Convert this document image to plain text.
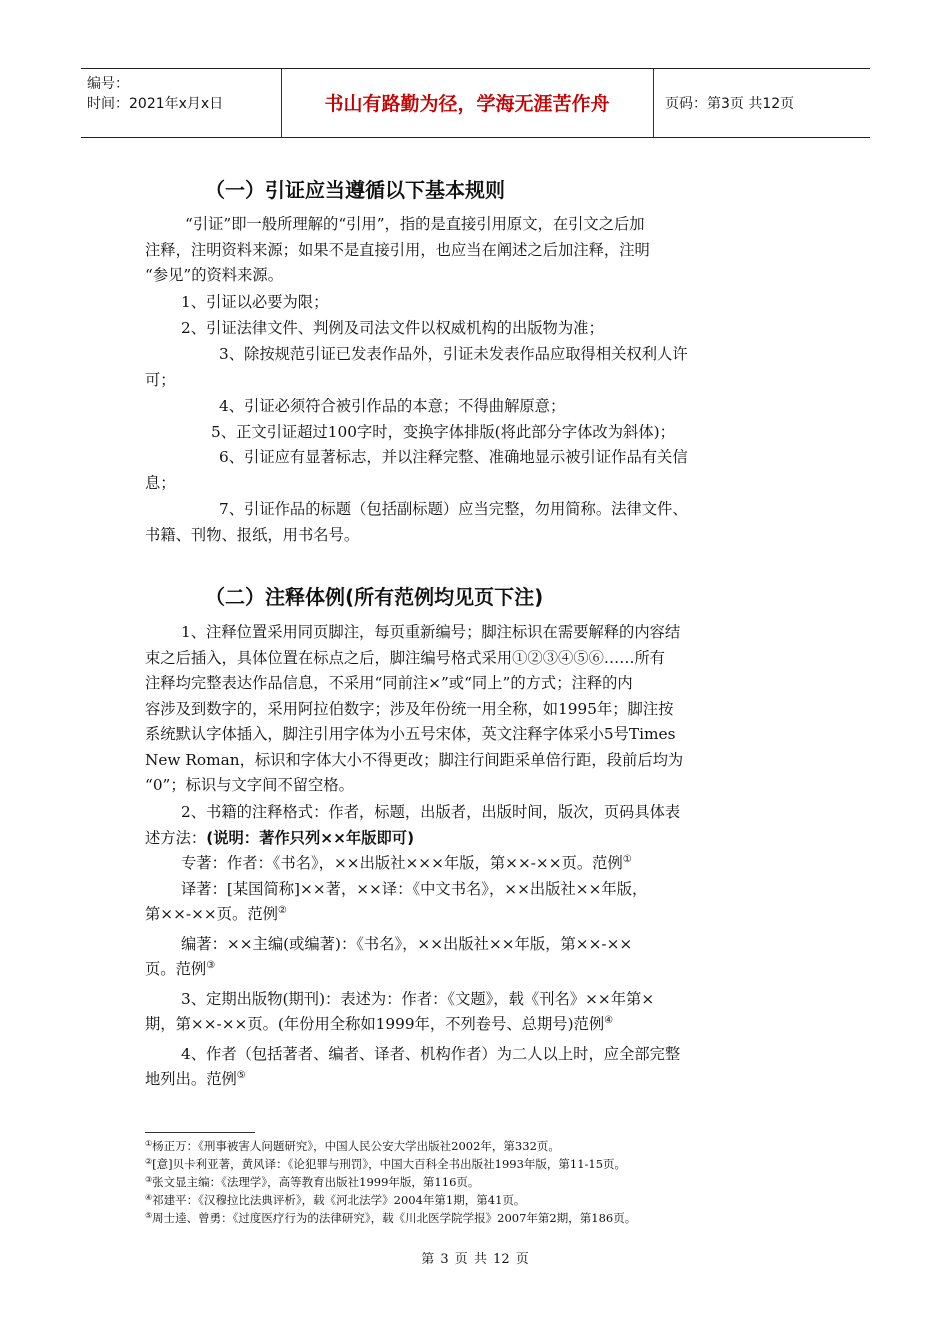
编号：
时间：2021年x月x日	书山有路勤为径，学海无涯苦作舟	页码：第3页 共12页
（一）引证应当遵循以下基本规则
“引证”即一般所理解的“引用”，指的是直接引用原文，在引文之后加
注释，注明资料来源；如果不是直接引用，也应当在阐述之后加注释，注明
“参见”的资料来源。
1、引证以必要为限；
2、引证法律文件、判例及司法文件以权威机构的出版物为准；
3、除按规范引证已发表作品外，引证未发表作品应取得相关权利人许
可；
4、引证必须符合被引作品的本意；不得曲解原意；
5、正文引证超过100字时，变换字体排版(将此部分字体改为斜体)；
6、引证应有显著标志，并以注释完整、准确地显示被引证作品有关信
息；
7、引证作品的标题（包括副标题）应当完整，勿用简称。法律文件、
书籍、刊物、报纸，用书名号。
（二）注释体例(所有范例均见页下注)
1、注释位置采用同页脚注，每页重新编号；脚注标识在需要解释的内容结
束之后插入，具体位置在标点之后，脚注编号格式采用①②③④⑤⑥……所有
注释均完整表达作品信息，不采用“同前注×”或“同上”的方式；注释的内
容涉及到数字的，采用阿拉伯数字；涉及年份统一用全称，如1995年；脚注按
系统默认字体插入，脚注引用字体为小五号宋体，英文注释字体采小5号Times
New Roman，标识和字体大小不得更改；脚注行间距采单倍行距，段前后均为
“0”；标识与文字间不留空格。
2、书籍的注释格式：作者，标题，出版者，出版时间，版次，页码具体表
述方法：(说明：著作只列××年版即可)
专著：作者：《书名》，××出版社×××年版，第××-××页。范例①
译著：[某国简称]××著，××译：《中文书名》，××出版社××年版，
第××-××页。范例②
编著：××主编(或编著)：《书名》，××出版社××年版，第××-××
页。范例③
3、定期出版物(期刊)：表述为：作者：《文题》，载《刊名》××年第×
期，第××-××页。(年份用全称如1999年，不列卷号、总期号)范例④
4、作者（包括著者、编者、译者、机构作者）为二人以上时，应全部完整
地列出。范例⑤
①杨正万：《刑事被害人问题研究》，中国人民公安大学出版社2002年，第332页。
②[意]贝卡利亚著，黄风译：《论犯罪与刑罚》，中国大百科全书出版社1993年版，第11-15页。
③张文显主编：《法理学》，高等教育出版社1999年版，第116页。
④祁建平：《汉穆拉比法典评析》，载《河北法学》2004年第1期，第41页。
⑤周士逵、曾勇：《过度医疗行为的法律研究》，载《川北医学院学报》2007年第2期，第186页。
第 3 页 共 12 页
